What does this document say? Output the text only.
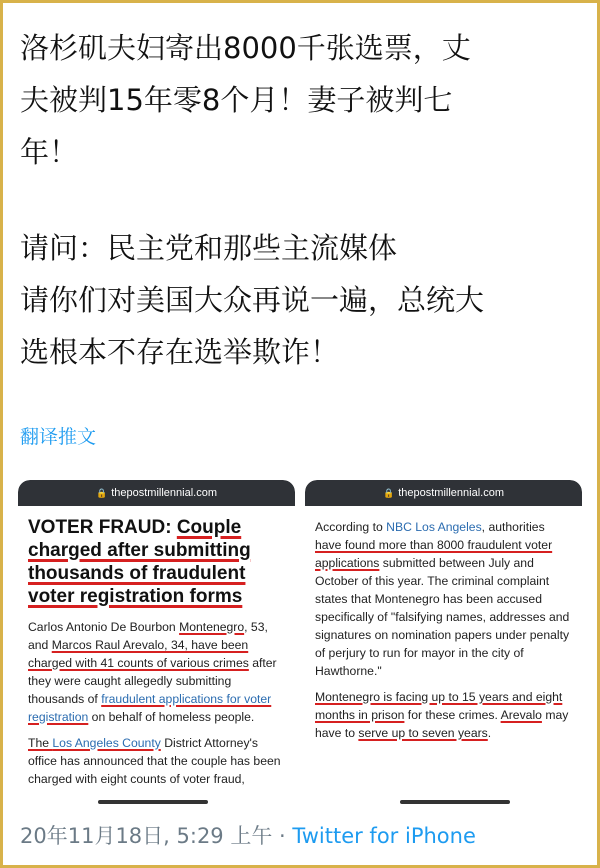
洛杉矶夫妇寄出8000千张选票，丈

夫被判15年零8个月！妻子被判七

年！

请问：民主党和那些主流媒体

请你们对美国大众再说一遍，总统大

选根本不存在选举欺诈！

翻译推文
🔒 thepostmillennial.com
VOTER FRAUD: Couple
charged after submitting
thousands of fraudulent
voter registration forms

Carlos Antonio De Bourbon Montenegro, 53, and Marcos Raul Arevalo, 34, have been charged with 41 counts of various crimes after they were caught allegedly submitting thousands of fraudulent applications for voter registration on behalf of homeless people.

The Los Angeles County District Attorney's office has announced that the couple has been charged with eight counts of voter fraud,

🔒 thepostmillennial.com

According to NBC Los Angeles, authorities have found more than 8000 fraudulent voter applications submitted between July and October of this year. The criminal complaint states that Montenegro has been accused specifically of "falsifying names, addresses and signatures on nomination papers under penalty of perjury to run for mayor in the city of Hawthorne."

Montenegro is facing up to 15 years and eight months in prison for these crimes. Arevalo may have to serve up to seven years.

20年11月18日, 5:29 上午 · Twitter for iPhone
